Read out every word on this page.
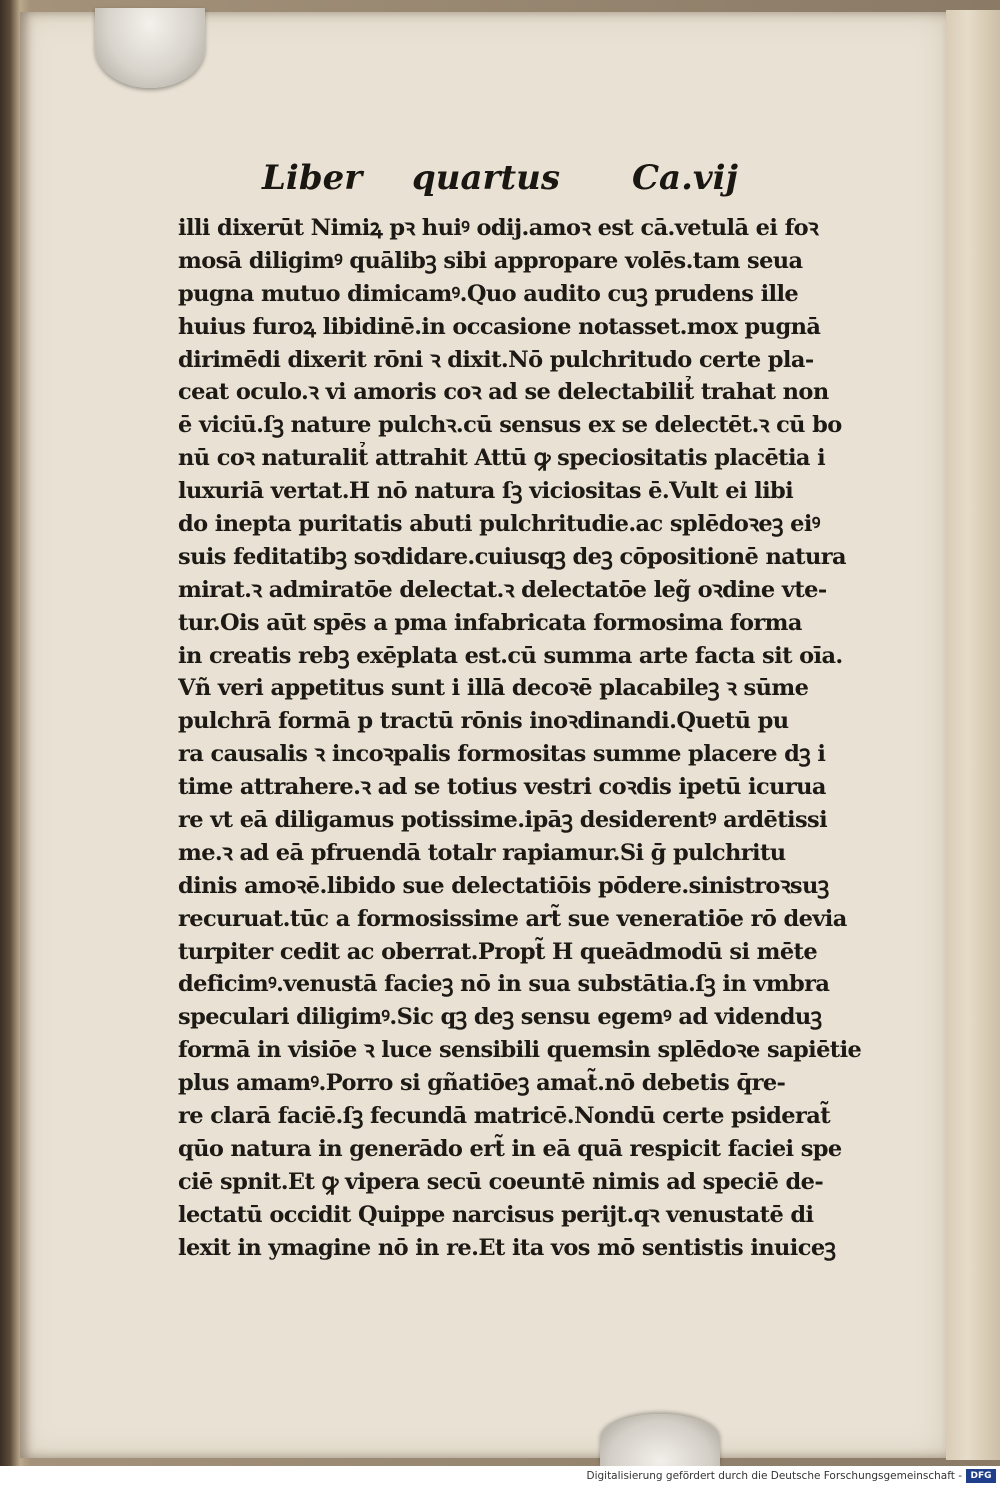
Liber quartus Ca.vij
illi dixerūt Nimiꝝ pꝛ huiꝰ odij.amoꝛ est cā.vetulā ei foꝛ
mosā diligimꝰ quālibꝫ sibi appropare volēs.tam seua
pugna mutuo dimicamꝰ.Quo audito cuꝫ prudens ille
huius furoꝝ libidinē.in occasione notasset.mox pugnā
dirimēdi dixerit rōni ꝛ dixit.Nō pulchritudo certe pla-
ceat oculo.ꝛ vi amoris coꝛ ad se delectabilit̉ trahat non
ē viciū.ſꝫ nature pulchꝛ.cū sensus ex se delectēt.ꝛ cū bo
nū coꝛ naturalit̉ attrahit Attū ꝙ speciositatis placētia i
luxuriā vertat.H nō natura ſꝫ viciositas ē.Vult ei libi
do inepta puritatis abuti pulchritudie.ac splēdoꝛeꝫ eiꝰ
suis feditatibꝫ soꝛdidare.cuiusqꝫ deꝫ cōpositionē natura
mirat.ꝛ admiratōe delectat.ꝛ delectatōe leg̃ oꝛdine vte-
tur.Ois aūt spēs a pma infabricata formosima forma
in creatis rebꝫ exēplata est.cū summa arte facta sit oīa.
Vñ veri appetitus sunt i illā decoꝛē placabileꝫ ꝛ sūme
pulchrā formā p tractū rōnis inoꝛdinandi.Quetū pu
ra causalis ꝛ incoꝛpalis formositas summe placere dꝫ i
time attrahere.ꝛ ad se totius vestri coꝛdis ipetū icurua
re vt eā diligamus potissime.ipāꝫ desiderentꝰ ardētissi
me.ꝛ ad eā pfruendā totalr rapiamur.Si ḡ pulchritu
dinis amoꝛē.libido sue delectatiōis pōdere.sinistroꝛsuꝫ
recuruat.tūc a formosissime art̃ sue veneratiōe rō devia
turpiter cedit ac oberrat.Propt̃ H queādmodū si mēte
deficimꝰ.venustā facieꝫ nō in sua substātia.ſꝫ in vmbra
speculari diligimꝰ.Sic qꝫ deꝫ sensu egemꝰ ad videnduꝫ
formā in visiōe ꝛ luce sensibili quemsin splēdoꝛe sapiētie
plus amamꝰ.Porro si gñatiōeꝫ amat̃.nō debetis q̄re-
re clarā faciē.ſꝫ fecundā matricē.Nondū certe psiderat̃
qūo natura in generādo ert̃ in eā quā respicit faciei spe
ciē spnit.Et ꝙ vipera secū coeuntē nimis ad speciē de-
lectatū occidit Quippe narcisus perijt.qꝛ venustatē di
lexit in ymagine nō in re.Et ita vos mō sentistis inuiceꝫ
Digitalisierung gefördert durch die Deutsche Forschungsgemeinschaft - DFG
